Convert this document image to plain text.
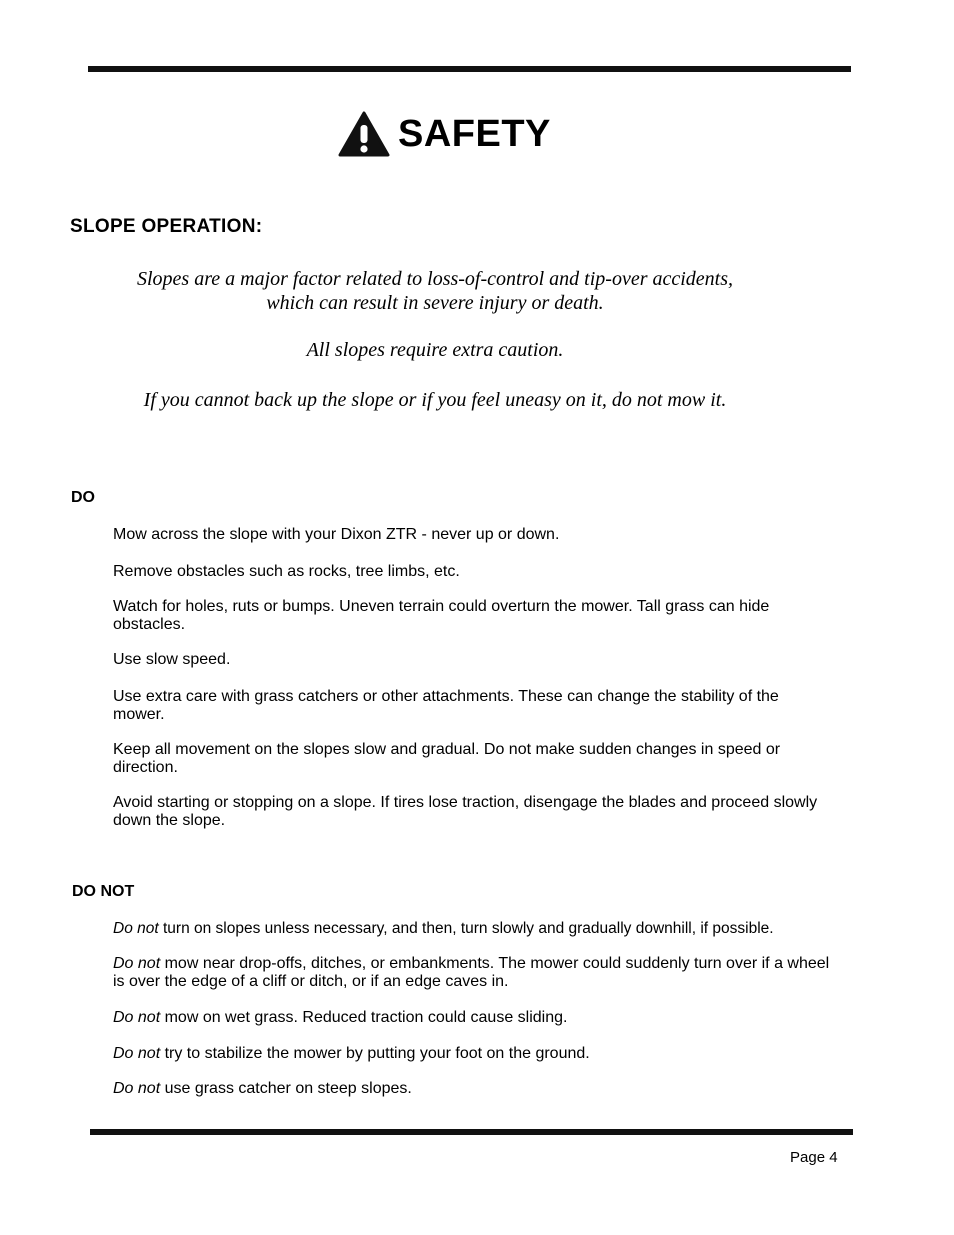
SAFETY
SLOPE OPERATION:
Slopes are a major factor related to loss-of-control and tip-over accidents,
which can result in severe injury or death.
All slopes require extra caution.
If you cannot back up the slope or if you feel uneasy on it, do not mow it.
DO
Mow across the slope with your Dixon ZTR - never up or down.
Remove obstacles such as rocks, tree limbs, etc.
Watch for holes, ruts or bumps. Uneven terrain could overturn the mower. Tall grass can hide obstacles.
Use slow speed.
Use extra care with grass catchers or other attachments. These can change the stability of the mower.
Keep all movement on the slopes slow and gradual. Do not make sudden changes in speed or direction.
Avoid starting or stopping on a slope. If tires lose traction, disengage the blades and proceed slowly down the slope.
DO NOT
Do not turn on slopes unless necessary, and then, turn slowly and gradually downhill, if possible.
Do not mow near drop-offs, ditches, or embankments. The mower could suddenly turn over if a wheel is over the edge of a cliff or ditch, or if an edge caves in.
Do not mow on wet grass. Reduced traction could cause sliding.
Do not try to stabilize the mower by putting your foot on the ground.
Do not use grass catcher on steep slopes.
Page 4
